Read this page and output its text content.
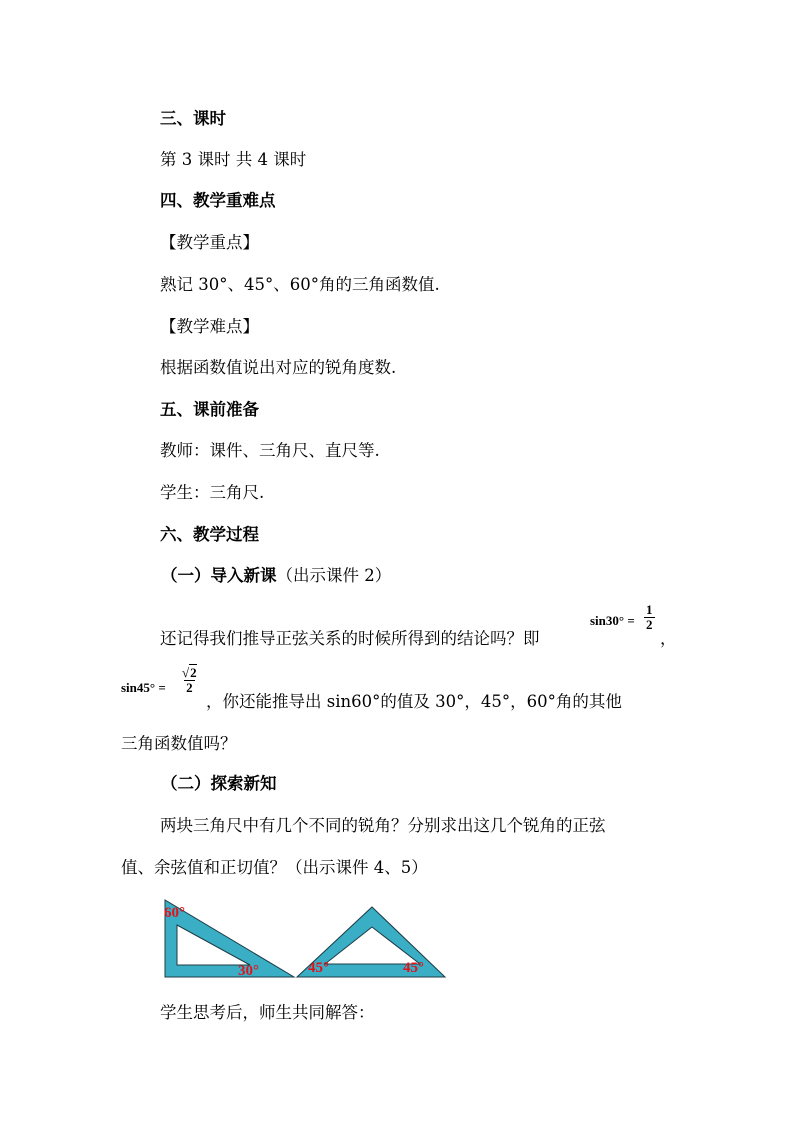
三、课时
第 3 课时 共 4 课时
四、教学重难点
【教学重点】
熟记 30°、45°、60°角的三角函数值.
【教学难点】
根据函数值说出对应的锐角度数.
五、课前准备
教师：课件、三角尺、直尺等.
学生：三角尺.
六、教学过程
（一）导入新课（出示课件 2）
还记得我们推导正弦关系的时候所得到的结论吗？即
$\sin 30^\circ = \frac{1}{2}$
，
$\sin 45^\circ = \frac{√2}{2}$
，你还能推导出 sin60°的值及 30°，45°，60°角的其他
三角函数值吗？
（二）探索新知
两块三角尺中有几个不同的锐角？分别求出这几个锐角的正弦
值、余弦值和正切值？（出示课件 4、5）
60°
30°	45°	45°
学生思考后，师生共同解答：
